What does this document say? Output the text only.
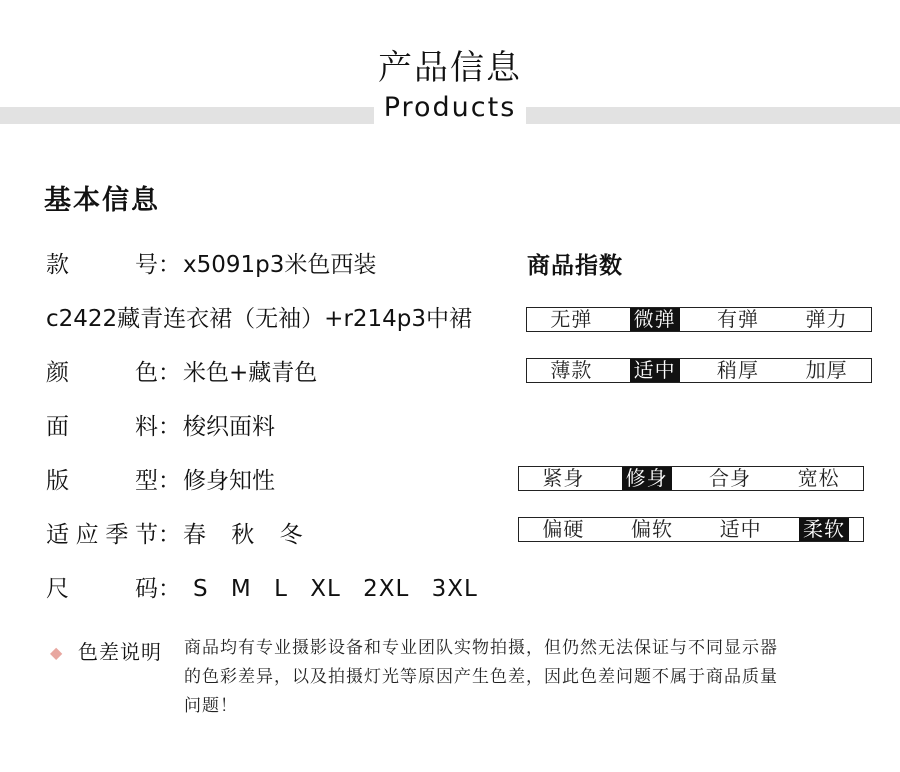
产品信息
Products
基本信息
款　　号：x5091p3米色西装
c2422藏青连衣裙（无袖）+r214p3中裙
颜　　色：米色+藏青色
面　　料：梭织面料
版　　型：修身知性
适应季节：春 秋 冬
尺　　码： S M L XL 2XL 3XL
商品指数
无弹	微弹	有弹	弹力
薄款	适中	稍厚	加厚
紧身	修身	合身	宽松
偏硬	偏软	适中	柔软
◆ 色差说明 商品均有专业摄影设备和专业团队实物拍摄，但仍然无法保证与不同显示器
的色彩差异，以及拍摄灯光等原因产生色差，因此色差问题不属于商品质量
问题！
